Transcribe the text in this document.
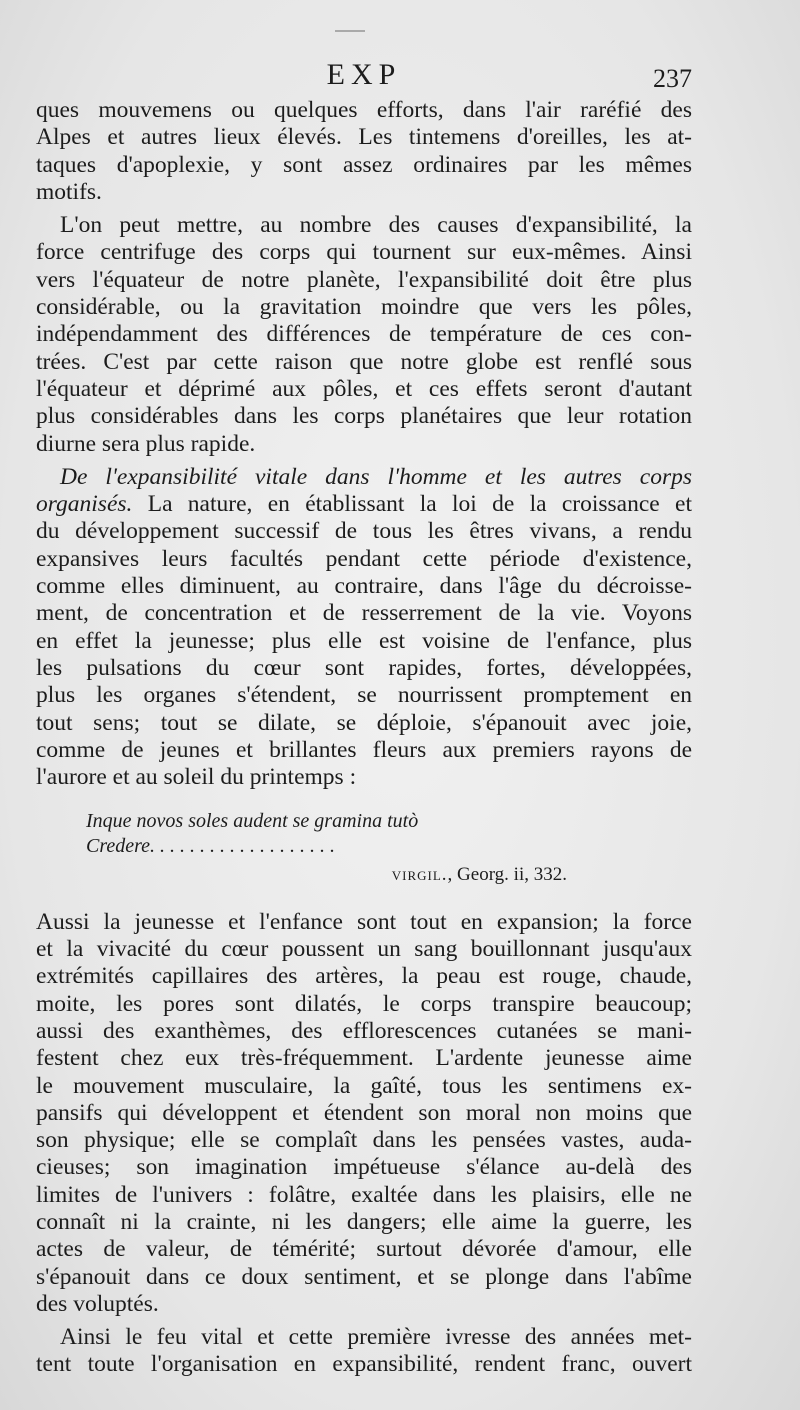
EXP	237

ques mouvemens ou quelques efforts, dans l'air raréfié des

Alpes et autres lieux élevés. Les tintemens d'oreilles, les at-

taques d'apoplexie, y sont assez ordinaires par les mêmes

motifs.

L'on peut mettre, au nombre des causes d'expansibilité, la

force centrifuge des corps qui tournent sur eux-mêmes. Ainsi

vers l'équateur de notre planète, l'expansibilité doit être plus

considérable, ou la gravitation moindre que vers les pôles,

indépendamment des différences de température de ces con-

trées. C'est par cette raison que notre globe est renflé sous

l'équateur et déprimé aux pôles, et ces effets seront d'autant

plus considérables dans les corps planétaires que leur rotation

diurne sera plus rapide.

De l'expansibilité vitale dans l'homme et les autres corps

organisés. La nature, en établissant la loi de la croissance et

du développement successif de tous les êtres vivans, a rendu

expansives leurs facultés pendant cette période d'existence,

comme elles diminuent, au contraire, dans l'âge du décroisse-

ment, de concentration et de resserrement de la vie. Voyons

en effet la jeunesse; plus elle est voisine de l'enfance, plus

les pulsations du cœur sont rapides, fortes, développées,

plus les organes s'étendent, se nourrissent promptement en

tout sens; tout se dilate, se déploie, s'épanouit avec joie,

comme de jeunes et brillantes fleurs aux premiers rayons de

l'aurore et au soleil du printemps :

Inque novos soles audent se gramina tutò
Credere. . . . . . . . . . . . . . . . . . .
virgil., Georg. ii, 332.

Aussi la jeunesse et l'enfance sont tout en expansion; la force

et la vivacité du cœur poussent un sang bouillonnant jusqu'aux

extrémités capillaires des artères, la peau est rouge, chaude,

moite, les pores sont dilatés, le corps transpire beaucoup;

aussi des exanthèmes, des efflorescences cutanées se mani-

festent chez eux très-fréquemment. L'ardente jeunesse aime

le mouvement musculaire, la gaîté, tous les sentimens ex-

pansifs qui développent et étendent son moral non moins que

son physique; elle se complaît dans les pensées vastes, auda-

cieuses; son imagination impétueuse s'élance au-delà des

limites de l'univers : folâtre, exaltée dans les plaisirs, elle ne

connaît ni la crainte, ni les dangers; elle aime la guerre, les

actes de valeur, de témérité; surtout dévorée d'amour, elle

s'épanouit dans ce doux sentiment, et se plonge dans l'abîme

des voluptés.

Ainsi le feu vital et cette première ivresse des années met-

tent toute l'organisation en expansibilité, rendent franc, ouvert
